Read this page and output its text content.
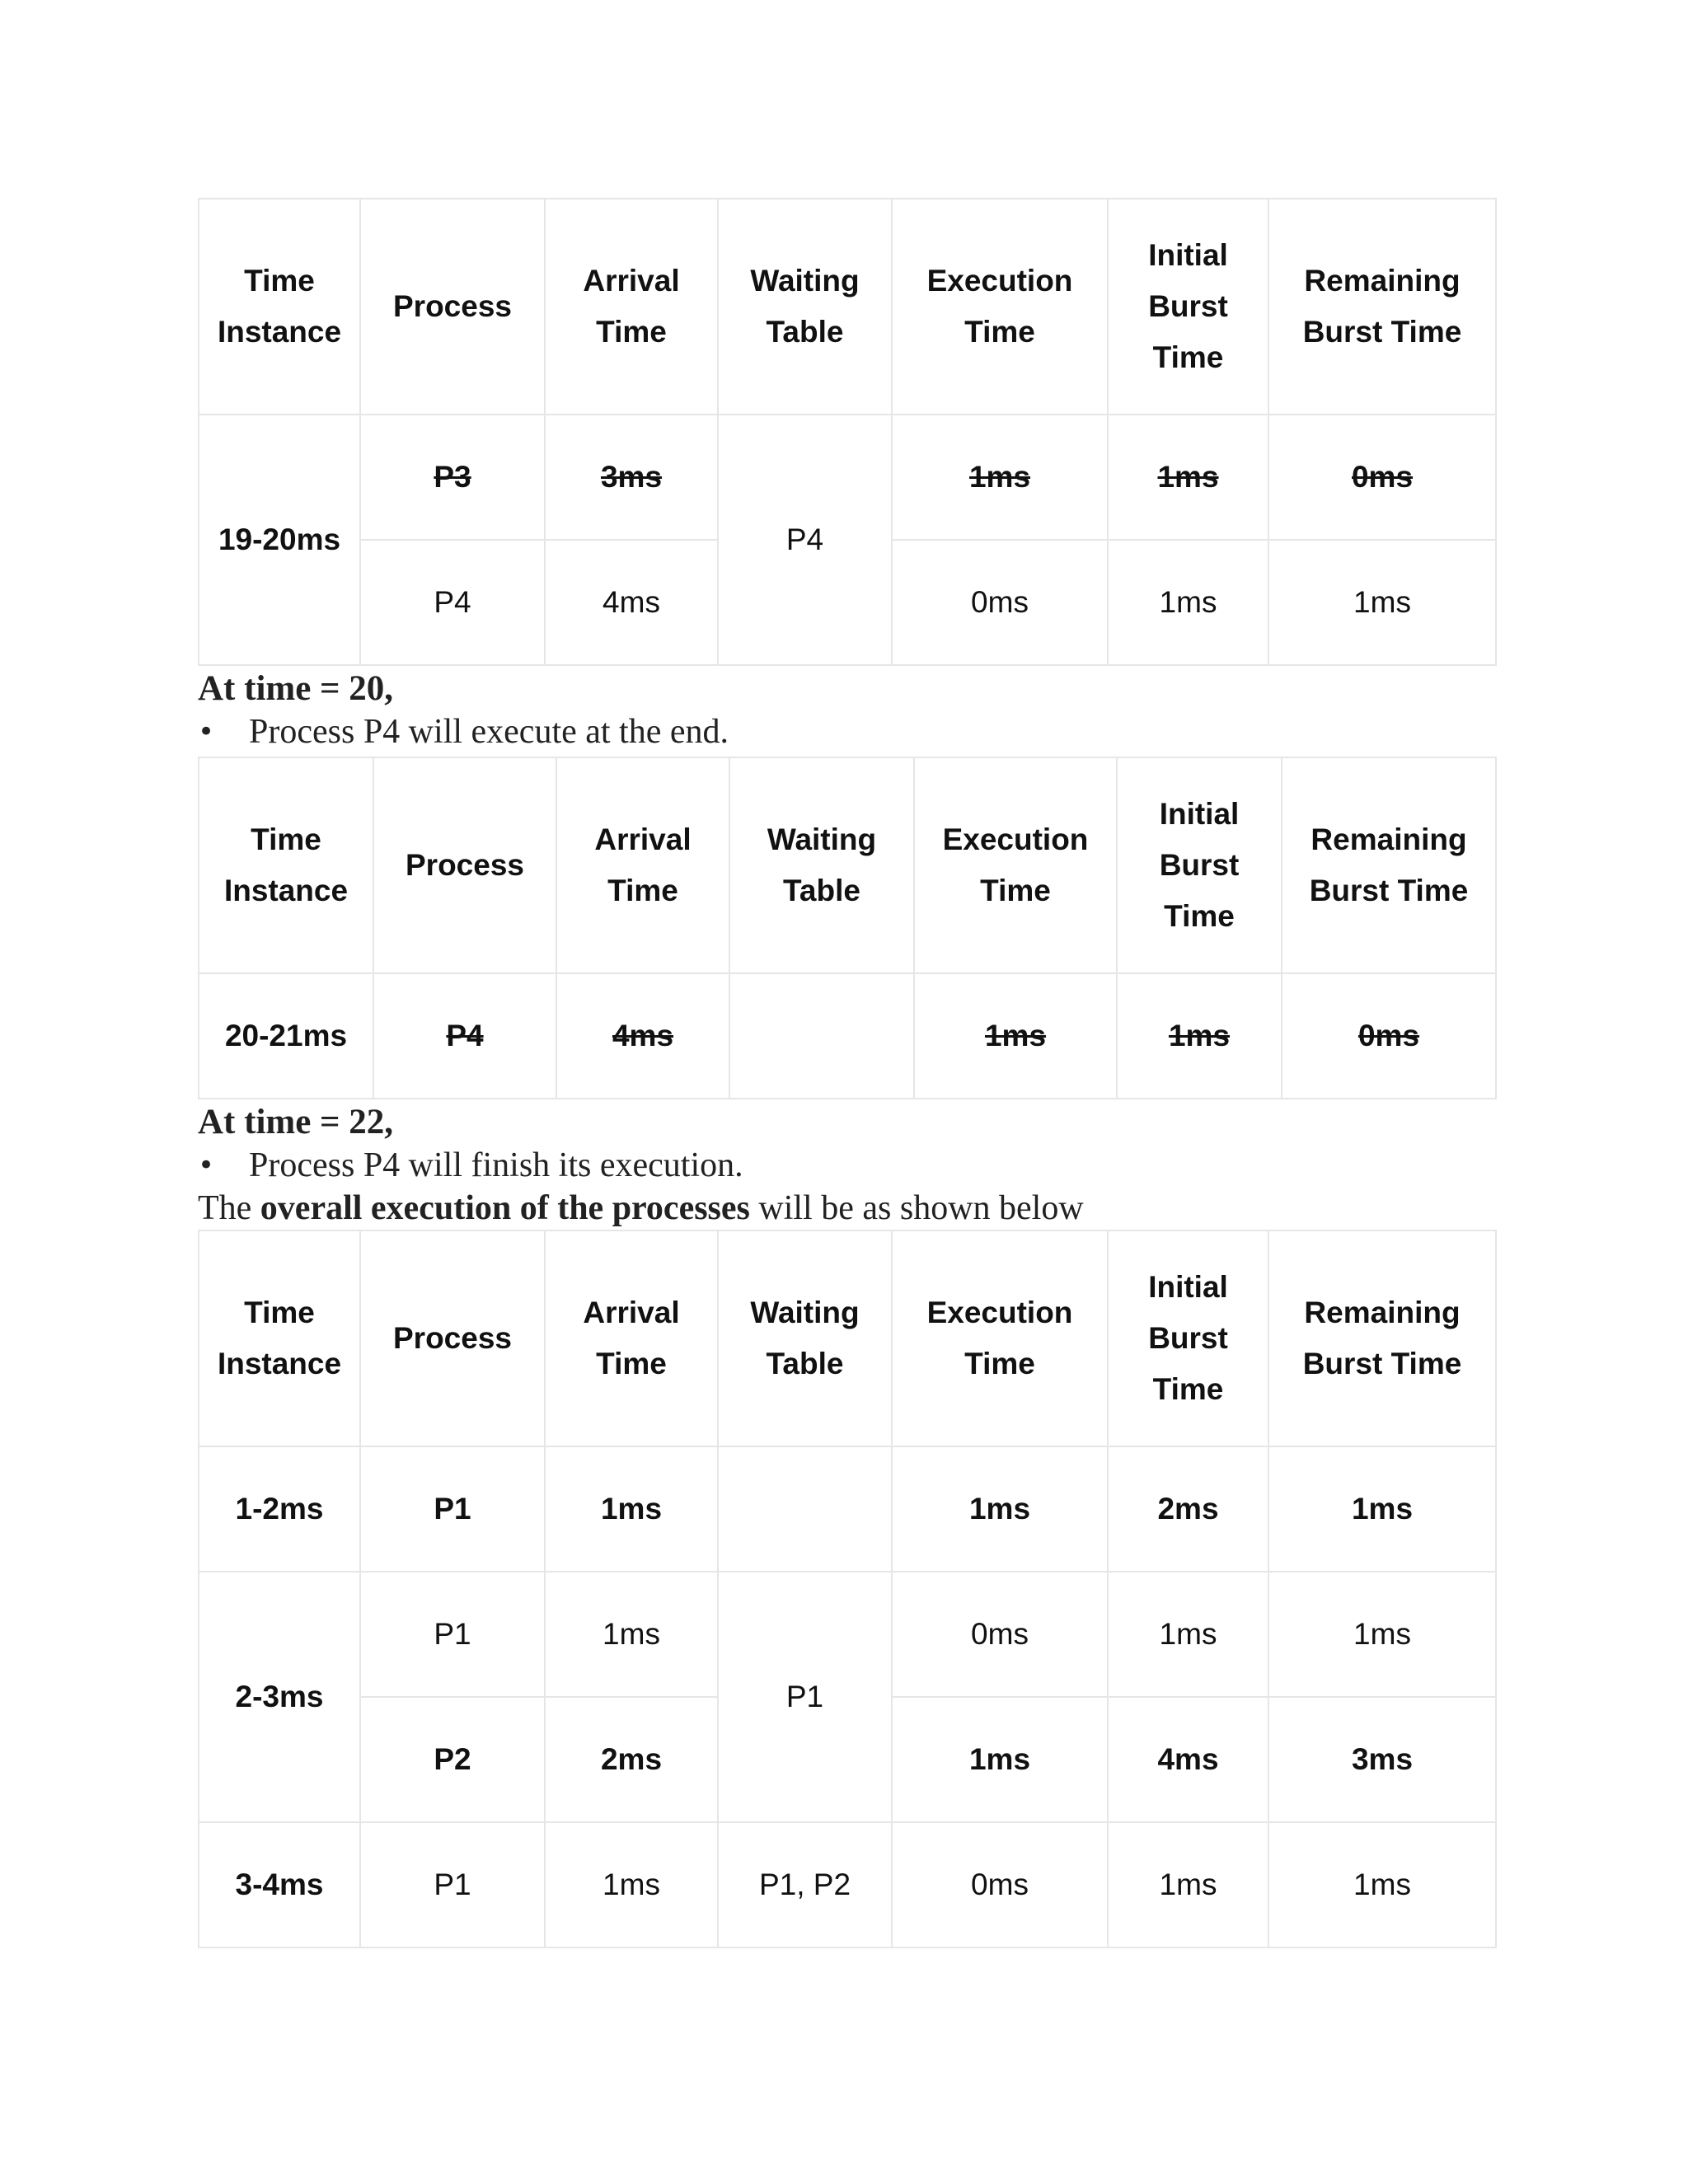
Time Instance	Process	Arrival Time	Waiting Table	Execution Time	Initial Burst Time	Remaining Burst Time
19-20ms	P3	3ms	P4	1ms	1ms	0ms
	P4	4ms		0ms	1ms	1ms

At time = 20,

• Process P4 will execute at the end.

Time Instance	Process	Arrival Time	Waiting Table	Execution Time	Initial Burst Time	Remaining Burst Time
20-21ms	P4	4ms		1ms	1ms	0ms

At time = 22,

• Process P4 will finish its execution.

The overall execution of the processes will be as shown below

Time Instance	Process	Arrival Time	Waiting Table	Execution Time	Initial Burst Time	Remaining Burst Time
1-2ms	P1	1ms		1ms	2ms	1ms
2-3ms	P1	1ms	P1	0ms	1ms	1ms
	P2	2ms		1ms	4ms	3ms
3-4ms	P1	1ms	P1, P2	0ms	1ms	1ms
